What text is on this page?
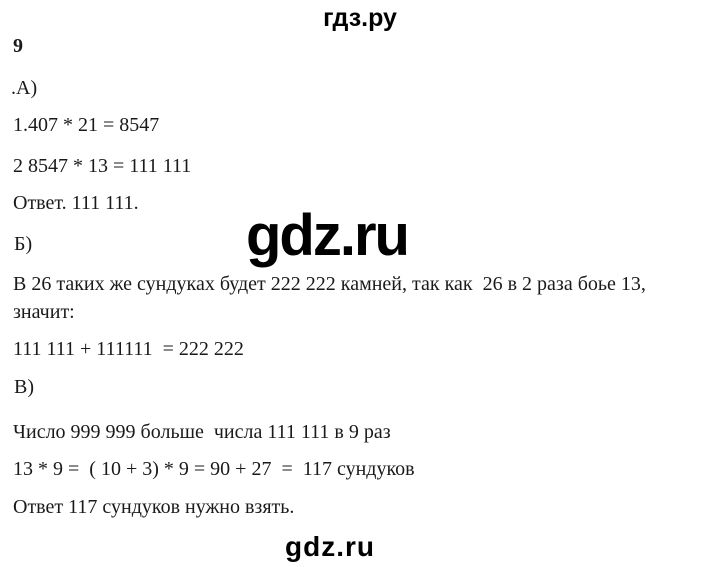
гдз.ру
9
.А)
1.407 * 21 = 8547
2 8547 * 13 = 111 111
Ответ. 111 111. gdz.ru
Б)
В 26 таких же сундуках будет 222 222 камней, так как  26 в 2 раза боье 13,
значит:
111 111 + 111111  = 222 222
В)
Число 999 999 больше  числа 111 111 в 9 раз
13 * 9 =  ( 10 + 3) * 9 = 90 + 27  =  117 сундуков
Ответ 117 сундуков нужно взять.
gdz.ru
